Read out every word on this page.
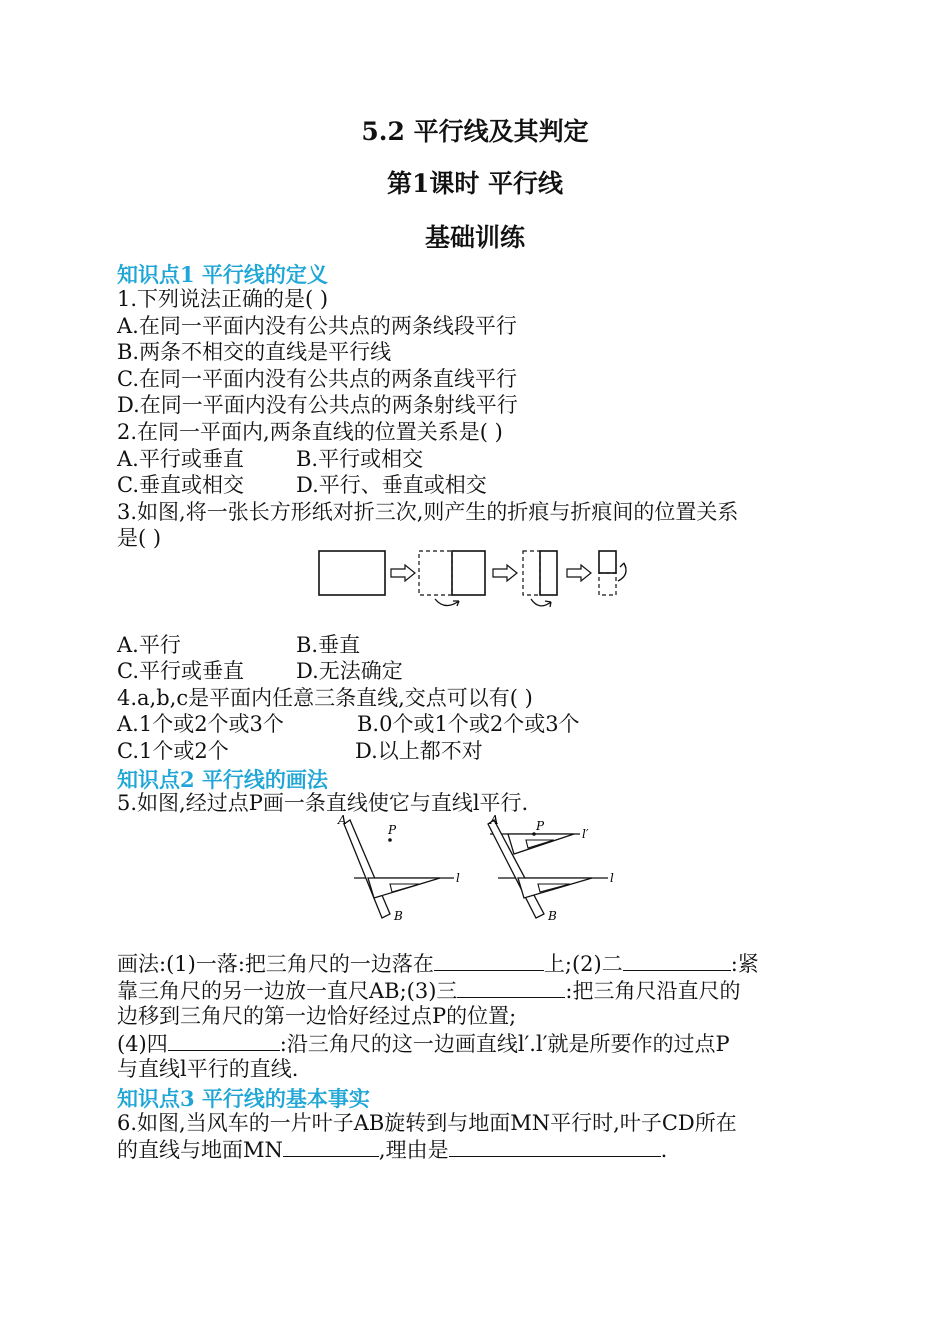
5.2 平行线及其判定
第1课时 平行线
基础训练
知识点1 平行线的定义
1.下列说法正确的是( )
A.在同一平面内没有公共点的两条线段平行
B.两条不相交的直线是平行线
C.在同一平面内没有公共点的两条直线平行
D.在同一平面内没有公共点的两条射线平行
2.在同一平面内,两条直线的位置关系是( )
A.平行或垂直 B.平行或相交
C.垂直或相交 D.平行、垂直或相交
3.如图,将一张长方形纸对折三次,则产生的折痕与折痕间的位置关系
是( )
A.平行	B.垂直
C.平行或垂直 D.无法确定
4.a,b,c是平面内任意三条直线,交点可以有( )
A.1个或2个或3个	B.0个或1个或2个或3个
C.1个或2个	D.以上都不对
知识点2 平行线的画法
5.如图,经过点P画一条直线使它与直线l平行.
A
P
l
B
A	P
l′
l
B
画法:(1)一落:把三角尺的一边落在	上;(2)二	:紧
靠三角尺的另一边放一直尺AB;(3)三	:把三角尺沿直尺的
边移到三角尺的第一边恰好经过点P的位置;
(4)四	:沿三角尺的这一边画直线l′.l′就是所要作的过点P
与直线l平行的直线.
知识点3 平行线的基本事实
6.如图,当风车的一片叶子AB旋转到与地面MN平行时,叶子CD所在
的直线与地面MN	,理由是	.
